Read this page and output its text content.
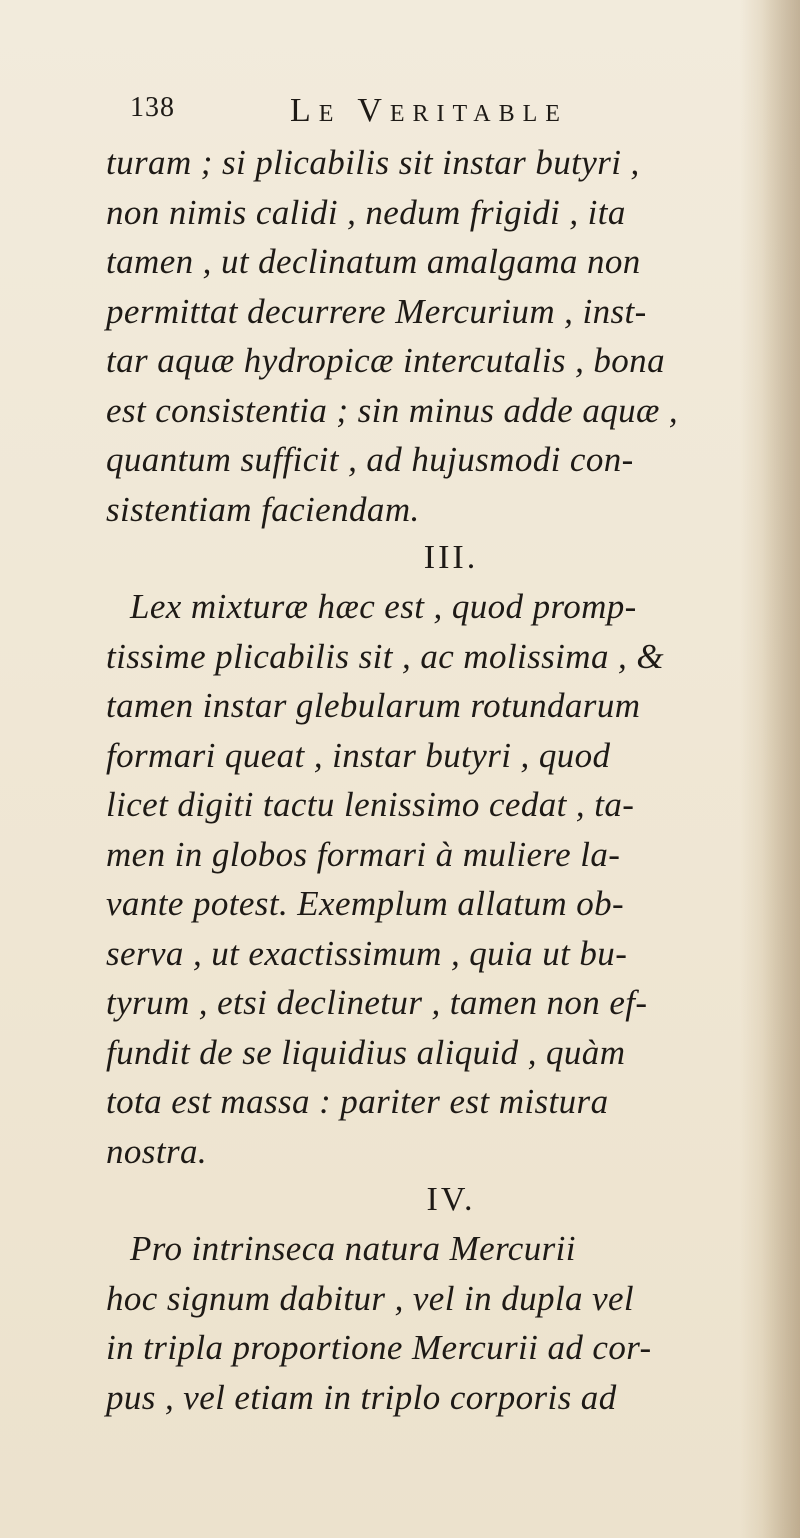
138	Le Veritable
turam ; si plicabilis sit instar butyri ,
non nimis calidi , nedum frigidi , ita
tamen , ut declinatum amalgama non
permittat decurrere Mercurium , inst-
tar aquæ hydropicæ intercutalis , bona
est consistentia ; sin minus adde aquæ ,
quantum sufficit , ad hujusmodi con-
sistentiam faciendam.
III.
Lex mixturæ hæc est , quod promp-
tissime plicabilis sit , ac molissima , &
tamen instar glebularum rotundarum
formari queat , instar butyri , quod
licet digiti tactu lenissimo cedat , ta-
men in globos formari à muliere la-
vante potest. Exemplum allatum ob-
serva , ut exactissimum , quia ut bu-
tyrum , etsi declinetur , tamen non ef-
fundit de se liquidius aliquid , quàm
tota est massa : pariter est mistura
nostra.
IV.
Pro intrinseca natura Mercurii
hoc signum dabitur , vel in dupla vel
in tripla proportione Mercurii ad cor-
pus , vel etiam in triplo corporis ad
